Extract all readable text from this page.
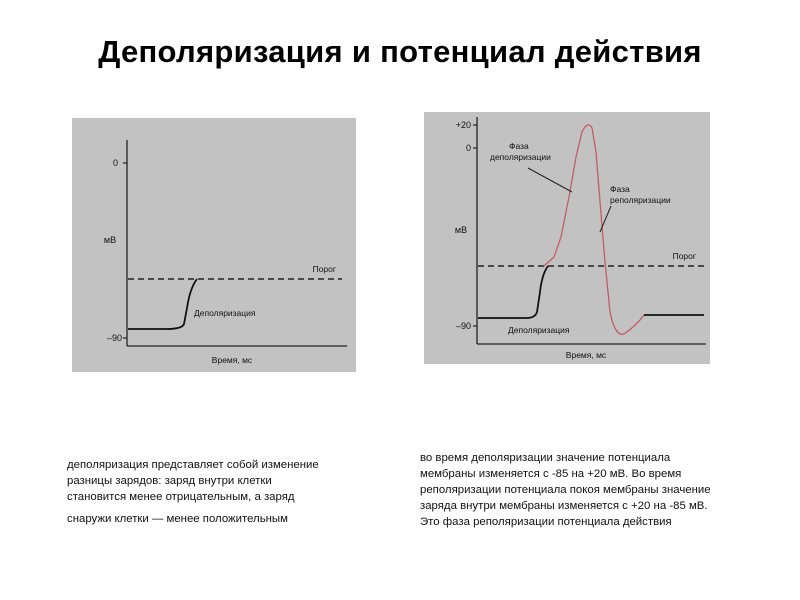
Деполяризация и потенциал действия
0
мВ
–90
Порог
Деполяризация
Время, мс
+20
0
мВ
–90
Порог
Фаза
деполяризации
Фаза
реполяризации
Деполяризация
Время, мс

деполяризация представляет собой изменение

разницы зарядов: заряд внутри клетки

становится менее отрицательным, а заряд

снаружи клетки — менее положительным

во время деполяризации значение потенциала

мембраны изменяется с -85 на +20 мВ. Во время

реполяризации потенциала покоя мембраны значение

заряда внутри мембраны изменяется с +20 на -85 мВ.

Это фаза реполяризации потенциала действия
